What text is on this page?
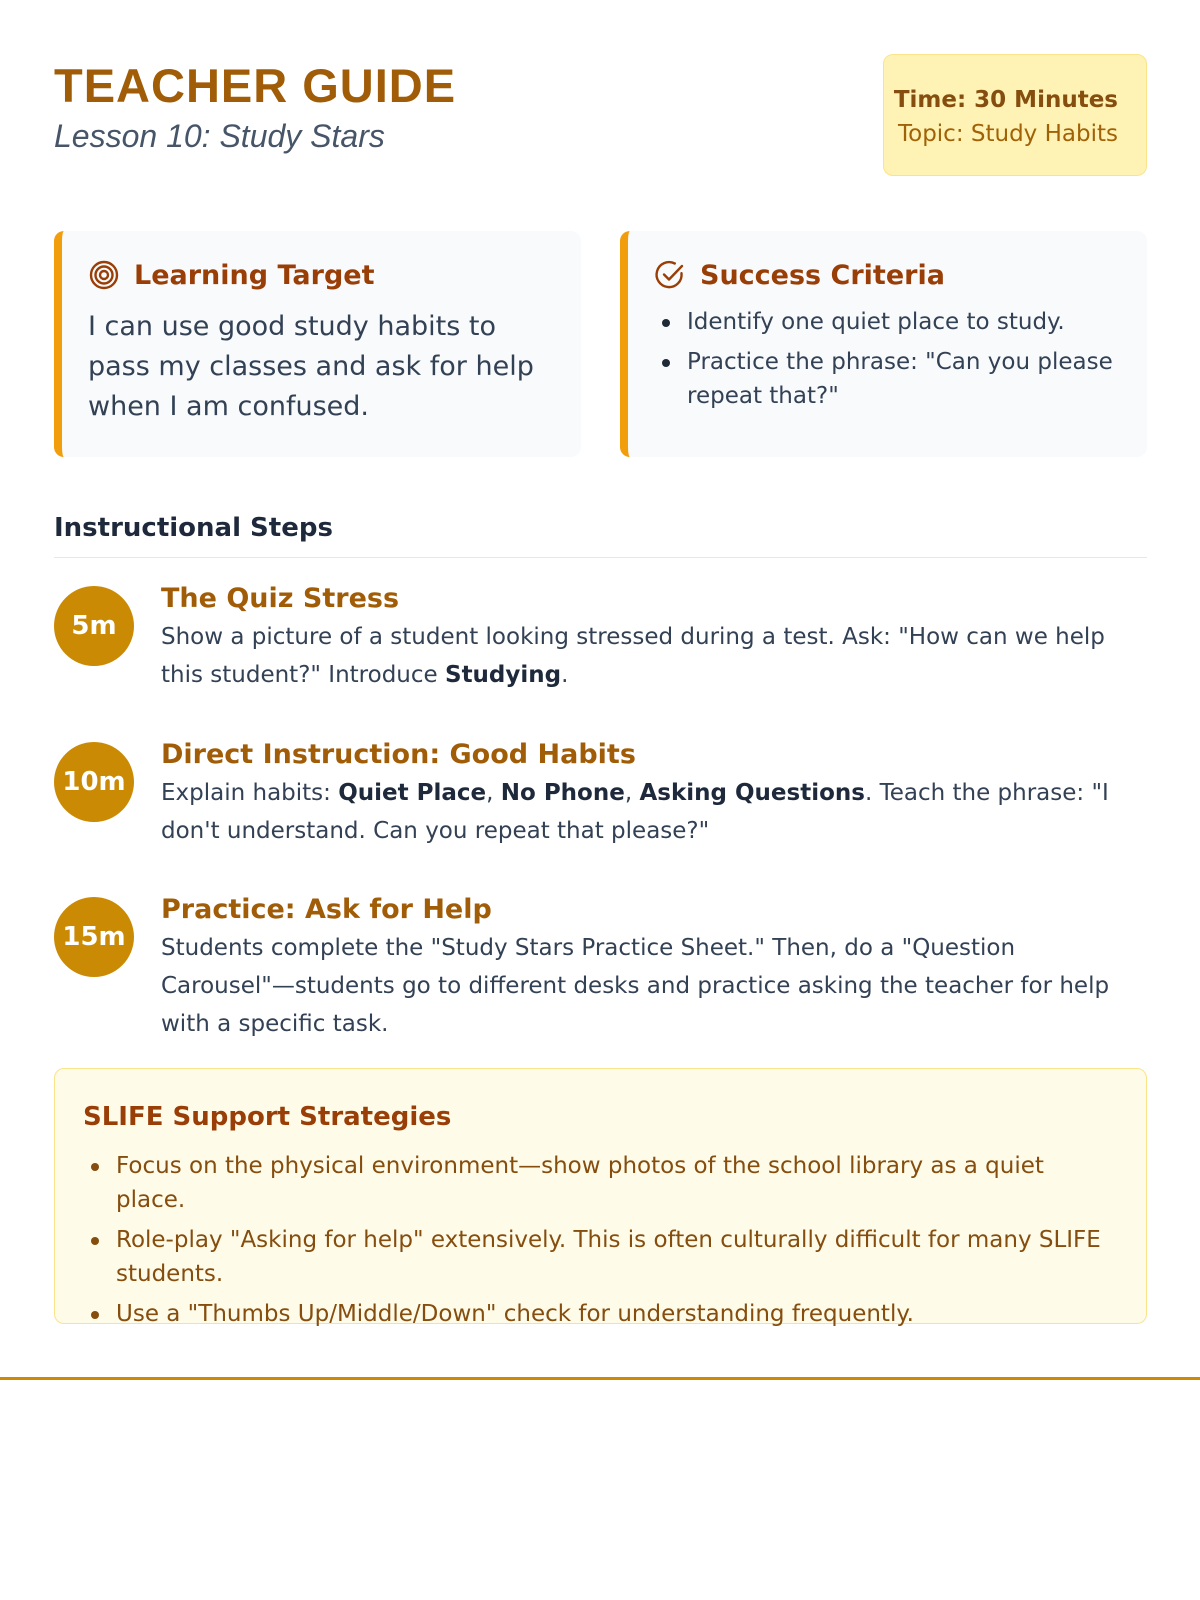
TEACHER GUIDE
Lesson 10: Study Stars
Time: 30 Minutes
Topic: Study Habits
Learning Target
I can use good study habits to pass my classes and ask for help when I am confused.
Success Criteria
Identify one quiet place to study.
Practice the phrase: "Can you please repeat that?"
Instructional Steps
5m
The Quiz Stress
Show a picture of a student looking stressed during a test. Ask: "How can we help this student?" Introduce Studying.
10m
Direct Instruction: Good Habits
Explain habits: Quiet Place, No Phone, Asking Questions. Teach the phrase: "I don't understand. Can you repeat that please?"
15m
Practice: Ask for Help
Students complete the "Study Stars Practice Sheet." Then, do a "Question Carousel"—students go to different desks and practice asking the teacher for help with a specific task.
SLIFE Support Strategies
Focus on the physical environment—show photos of the school library as a quiet place.
Role-play "Asking for help" extensively. This is often culturally difficult for many SLIFE students.
Use a "Thumbs Up/Middle/Down" check for understanding frequently.
